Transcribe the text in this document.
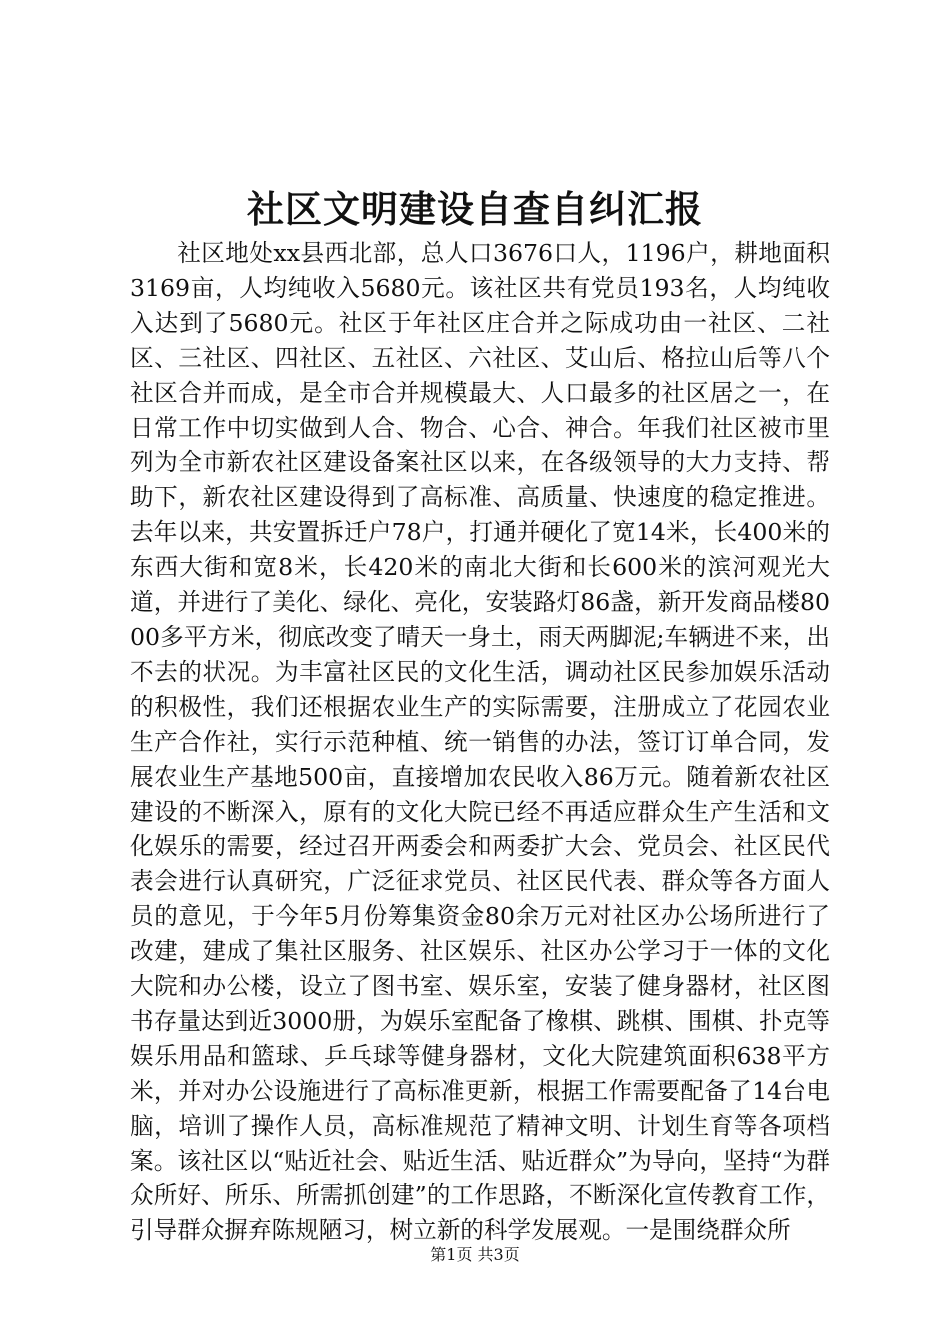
社区文明建设自查自纠汇报

社区地处xx县西北部，总人口3676口人，1196户，耕地面积3169亩，人均纯收入5680元。该社区共有党员193名，人均纯收入达到了5680元。社区于年社区庄合并之际成功由一社区、二社区、三社区、四社区、五社区、六社区、艾山后、格拉山后等八个社区合并而成，是全市合并规模最大、人口最多的社区居之一，在日常工作中切实做到人合、物合、心合、神合。年我们社区被市里列为全市新农社区建设备案社区以来，在各级领导的大力支持、帮助下，新农社区建设得到了高标准、高质量、快速度的稳定推进。去年以来，共安置拆迁户78户，打通并硬化了宽14米，长400米的东西大街和宽8米，长420米的南北大街和长600米的滨河观光大道，并进行了美化、绿化、亮化，安装路灯86盏，新开发商品楼8000多平方米，彻底改变了晴天一身土，雨天两脚泥;车辆进不来，出不去的状况。为丰富社区民的文化生活，调动社区民参加娱乐活动的积极性，我们还根据农业生产的实际需要，注册成立了花园农业生产合作社，实行示范种植、统一销售的办法，签订订单合同，发展农业生产基地500亩，直接增加农民收入86万元。随着新农社区建设的不断深入，原有的文化大院已经不再适应群众生产生活和文化娱乐的需要，经过召开两委会和两委扩大会、党员会、社区民代表会进行认真研究，广泛征求党员、社区民代表、群众等各方面人员的意见，于今年5月份筹集资金80余万元对社区办公场所进行了改建，建成了集社区服务、社区娱乐、社区办公学习于一体的文化大院和办公楼，设立了图书室、娱乐室，安装了健身器材，社区图书存量达到近3000册，为娱乐室配备了橡棋、跳棋、围棋、扑克等娱乐用品和篮球、乒乓球等健身器材，文化大院建筑面积638平方米，并对办公设施进行了高标准更新，根据工作需要配备了14台电脑，培训了操作人员，高标准规范了精神文明、计划生育等各项档案。该社区以“贴近社会、贴近生活、贴近群众”为导向，坚持“为群众所好、所乐、所需抓创建”的工作思路，不断深化宣传教育工作，引导群众摒弃陈规陋习，树立新的科学发展观。一是围绕群众所

第1页 共3页
